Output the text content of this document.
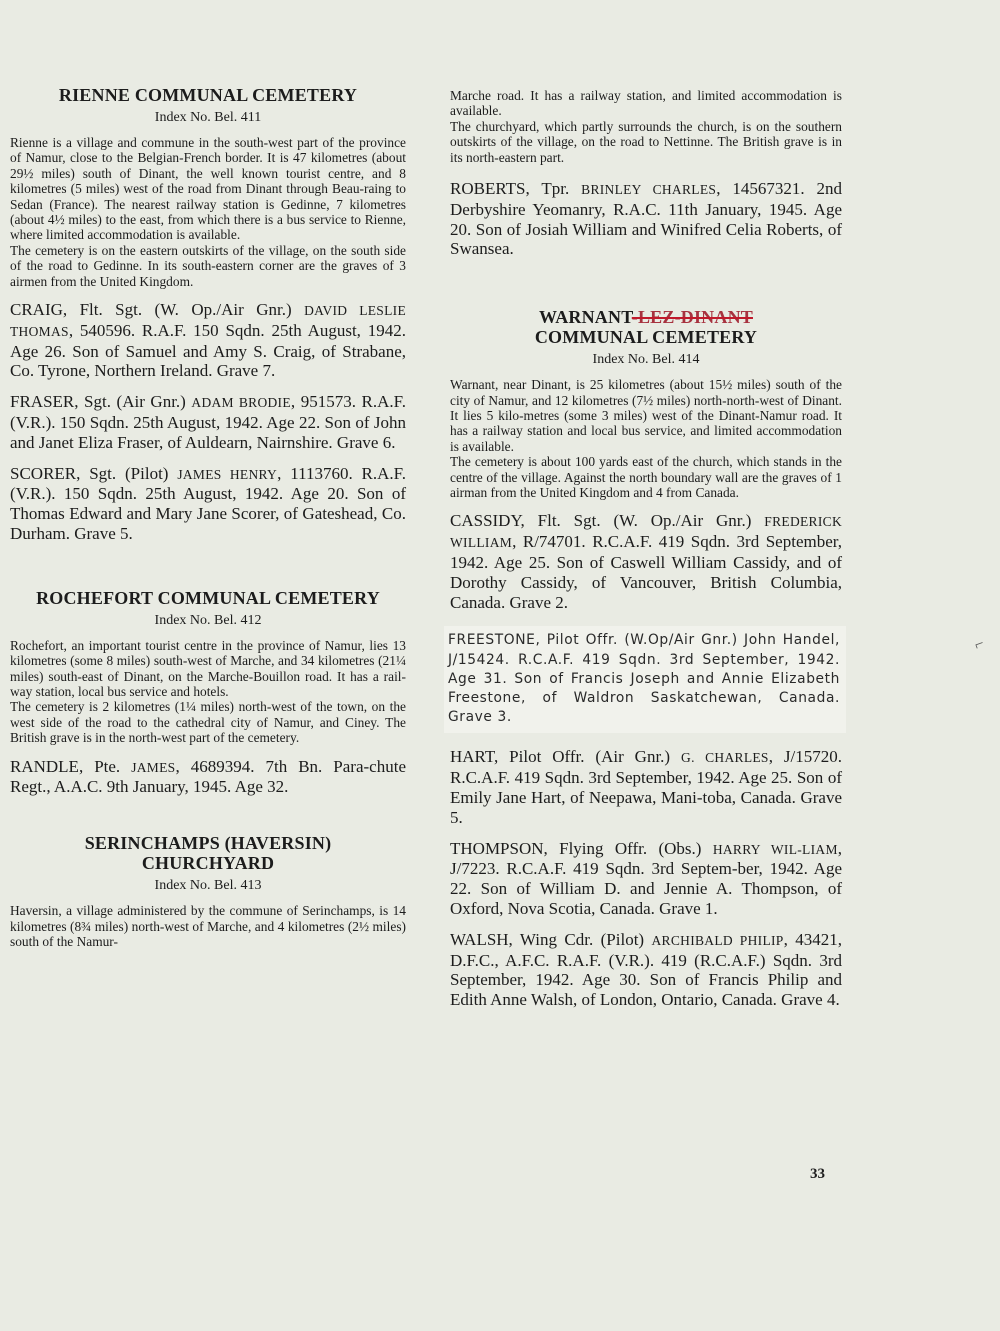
RIENNE COMMUNAL CEMETERY
Index No. Bel. 411

Rienne is a village and commune in the south-west part of the province of Namur, close to the Belgian-French border. It is 47 kilometres (about 29½ miles) south of Dinant, the well known tourist centre, and 8 kilometres (5 miles) west of the road from Dinant through Beau-raing to Sedan (France). The nearest railway station is Gedinne, 7 kilometres (about 4½ miles) to the east, from which there is a bus service to Rienne, where limited accommodation is available.

The cemetery is on the eastern outskirts of the village, on the south side of the road to Gedinne. In its south-eastern corner are the graves of 3 airmen from the United Kingdom.

CRAIG, Flt. Sgt. (W. Op./Air Gnr.) DAVID LESLIE THOMAS, 540596. R.A.F. 150 Sqdn. 25th August, 1942. Age 26. Son of Samuel and Amy S. Craig, of Strabane, Co. Tyrone, Northern Ireland. Grave 7.

FRASER, Sgt. (Air Gnr.) ADAM BRODIE, 951573. R.A.F. (V.R.). 150 Sqdn. 25th August, 1942. Age 22. Son of John and Janet Eliza Fraser, of Auldearn, Nairnshire. Grave 6.

SCORER, Sgt. (Pilot) JAMES HENRY, 1113760. R.A.F. (V.R.). 150 Sqdn. 25th August, 1942. Age 20. Son of Thomas Edward and Mary Jane Scorer, of Gateshead, Co. Durham. Grave 5.

ROCHEFORT COMMUNAL CEMETERY
Index No. Bel. 412

Rochefort, an important tourist centre in the province of Namur, lies 13 kilometres (some 8 miles) south-west of Marche, and 34 kilometres (21¼ miles) south-east of Dinant, on the Marche-Bouillon road. It has a rail-way station, local bus service and hotels.

The cemetery is 2 kilometres (1¼ miles) north-west of the town, on the west side of the road to the cathedral city of Namur, and Ciney. The British grave is in the north-west part of the cemetery.

RANDLE, Pte. JAMES, 4689394. 7th Bn. Para-chute Regt., A.A.C. 9th January, 1945. Age 32.

SERINCHAMPS (HAVERSIN)
CHURCHYARD
Index No. Bel. 413

Haversin, a village administered by the commune of Serinchamps, is 14 kilometres (8¾ miles) north-west of Marche, and 4 kilometres (2½ miles) south of the Namur-

Marche road. It has a railway station, and limited accommodation is available.

The churchyard, which partly surrounds the church, is on the southern outskirts of the village, on the road to Nettinne. The British grave is in its north-eastern part.

ROBERTS, Tpr. BRINLEY CHARLES, 14567321. 2nd Derbyshire Yeomanry, R.A.C. 11th January, 1945. Age 20. Son of Josiah William and Winifred Celia Roberts, of Swansea.

WARNANT-LEZ-DINANT
COMMUNAL CEMETERY
Index No. Bel. 414

Warnant, near Dinant, is 25 kilometres (about 15½ miles) south of the city of Namur, and 12 kilometres (7½ miles) north-north-west of Dinant. It lies 5 kilo-metres (some 3 miles) west of the Dinant-Namur road. It has a railway station and local bus service, and limited accommodation is available.

The cemetery is about 100 yards east of the church, which stands in the centre of the village. Against the north boundary wall are the graves of 1 airman from the United Kingdom and 4 from Canada.

CASSIDY, Flt. Sgt. (W. Op./Air Gnr.) FREDERICK WILLIAM, R/74701. R.C.A.F. 419 Sqdn. 3rd September, 1942. Age 25. Son of Caswell William Cassidy, and of Dorothy Cassidy, of Vancouver, British Columbia, Canada. Grave 2.

FREESTONE, Pilot Offr. (W.Op/Air Gnr.) John Handel, J/15424. R.C.A.F. 419 Sqdn. 3rd September, 1942. Age 31. Son of Francis Joseph and Annie Elizabeth Freestone, of Waldron Saskatchewan, Canada. Grave 3.

HART, Pilot Offr. (Air Gnr.) G. CHARLES, J/15720. R.C.A.F. 419 Sqdn. 3rd September, 1942. Age 25. Son of Emily Jane Hart, of Neepawa, Mani-toba, Canada. Grave 5.

THOMPSON, Flying Offr. (Obs.) HARRY WIL-LIAM, J/7223. R.C.A.F. 419 Sqdn. 3rd Septem-ber, 1942. Age 22. Son of William D. and Jennie A. Thompson, of Oxford, Nova Scotia, Canada. Grave 1.

WALSH, Wing Cdr. (Pilot) ARCHIBALD PHILIP, 43421, D.F.C., A.F.C. R.A.F. (V.R.). 419 (R.C.A.F.) Sqdn. 3rd September, 1942. Age 30. Son of Francis Philip and Edith Anne Walsh, of London, Ontario, Canada. Grave 4.

33
⌐
